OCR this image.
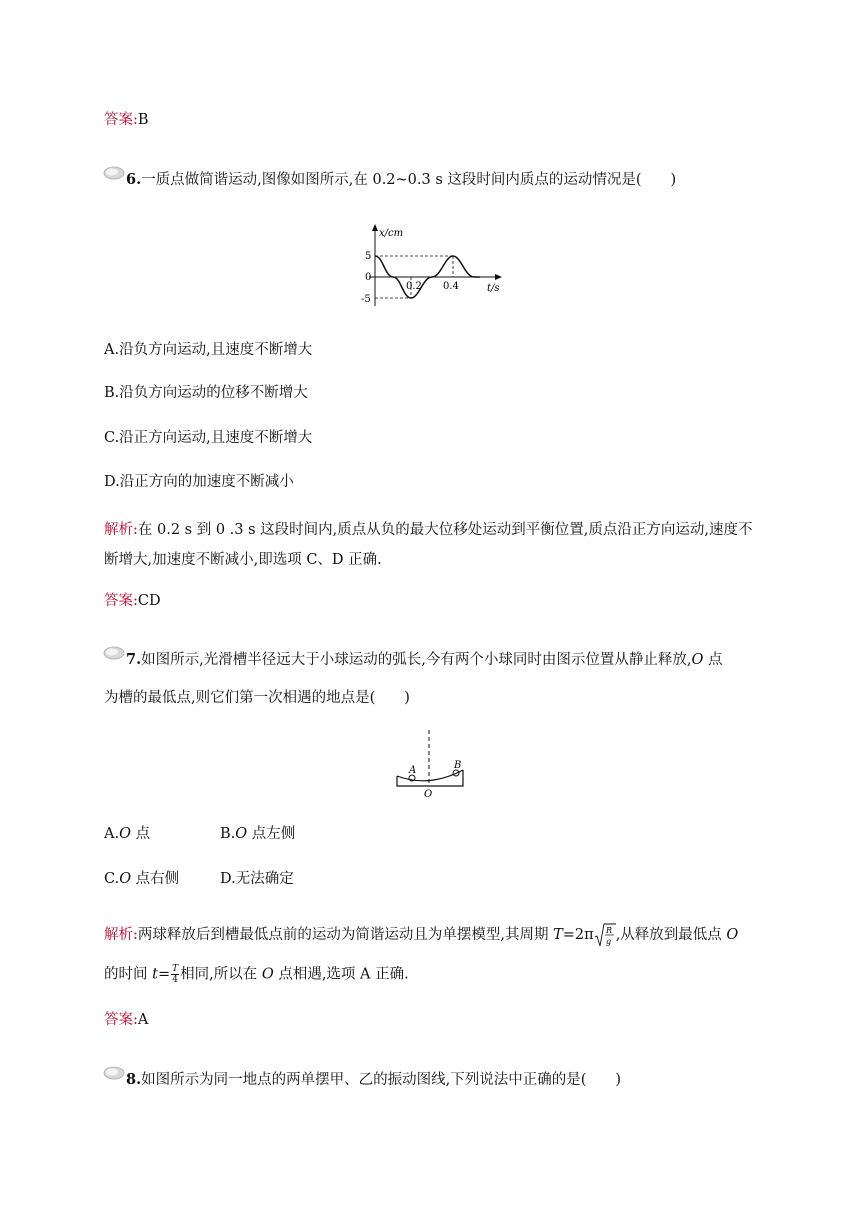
答案:B
6.一质点做简谐运动,图像如图所示,在 0.2~0.3 s 这段时间内质点的运动情况是(　　)
x/cm
5
0
-5
0.2 0.4	t/s
A.沿负方向运动,且速度不断增大
B.沿负方向运动的位移不断增大
C.沿正方向运动,且速度不断增大
D.沿正方向的加速度不断减小
解析:在 0.2 s 到 0 .3 s 这段时间内,质点从负的最大位移处运动到平衡位置,质点沿正方向运动,速度不
断增大,加速度不断减小,即选项 C、D 正确.
答案:CD
7.如图所示,光滑槽半径远大于小球运动的弧长,今有两个小球同时由图示位置从静止释放,O 点
为槽的最低点,则它们第一次相遇的地点是(　　)
A	B
O
A.O 点	B.O 点左侧
C.O 点右侧	D.无法确定
解析:两球释放后到槽最低点前的运动为简谐运动且为单摆模型,其周期 T=2π R
g ,从释放到最低点 O
的时间 $t= \frac{T}{4}$ 相同,所以在 O 点相遇,选项 A 正确.
答案:A
8.如图所示为同一地点的两单摆甲、乙的振动图线,下列说法中正确的是(　　)
